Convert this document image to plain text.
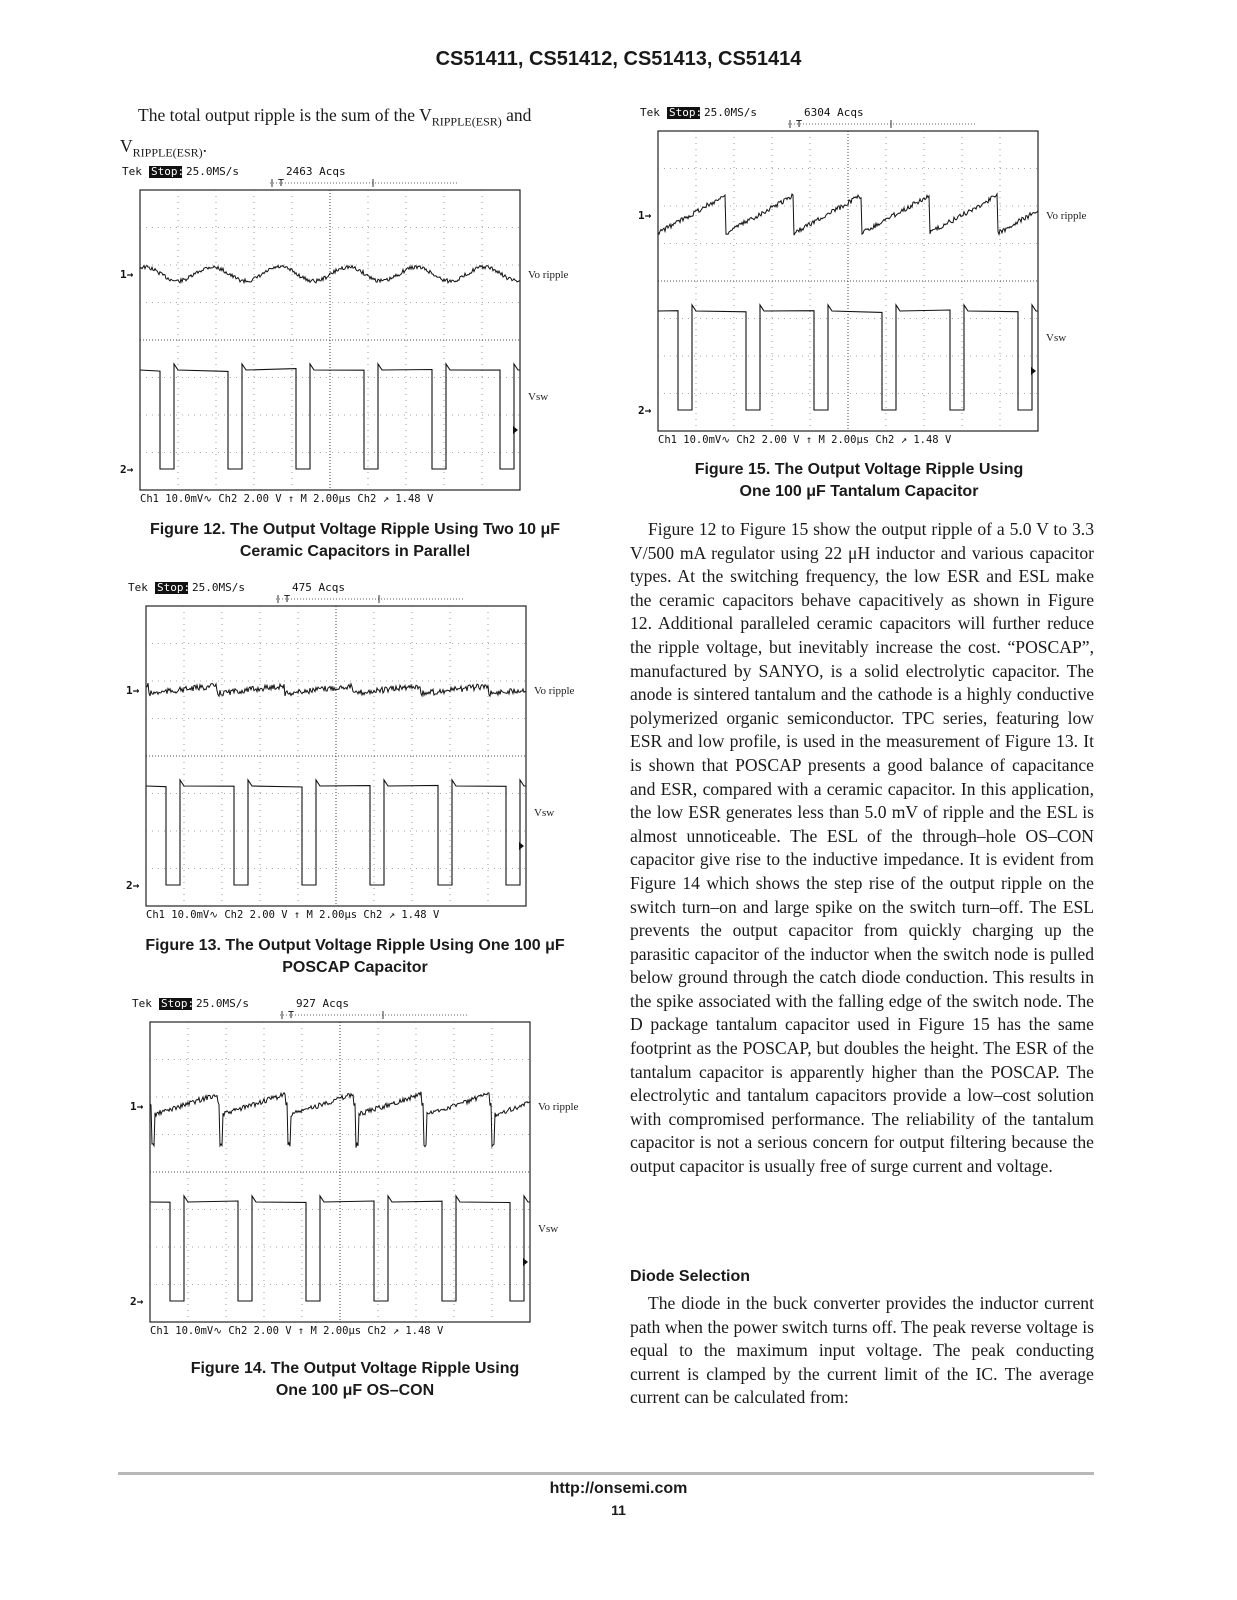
CS51411, CS51412, CS51413, CS51414
The total output ripple is the sum of the $V_{RIPPLE(ESR)}$ and $V_{RIPPLE(ESR)}$.
Tek Stop: 25.0MS/s	2463 Acqs
T
1→
2→
Vo ripple
Vsw
Ch1 10.0mV∿ Ch2 2.00 V ↑ M 2.00μs Ch2 ↗ 1.48 V
Figure 12. The Output Voltage Ripple Using Two 10 μF
Ceramic Capacitors in Parallel
Tek Stop: 25.0MS/s	475 Acqs
T
1→
2→
Vo ripple
Vsw
Ch1 10.0mV∿ Ch2 2.00 V ↑ M 2.00μs Ch2 ↗ 1.48 V
Figure 13. The Output Voltage Ripple Using One 100 μF
POSCAP Capacitor
Tek Stop: 25.0MS/s	927 Acqs
T
1→
2→
Vo ripple
Vsw
Ch1 10.0mV∿ Ch2 2.00 V ↑ M 2.00μs Ch2 ↗ 1.48 V
Figure 14. The Output Voltage Ripple Using
One 100 μF OS–CON
Tek Stop: 25.0MS/s	6304 Acqs
T
1→
2→
Vo ripple
Vsw
Ch1 10.0mV∿ Ch2 2.00 V ↑ M 2.00μs Ch2 ↗ 1.48 V
Figure 15. The Output Voltage Ripple Using
One 100 μF Tantalum Capacitor

Figure 12 to Figure 15 show the output ripple of a 5.0 V to 3.3 V/500 mA regulator using 22 μH inductor and various capacitor types. At the switching frequency, the low ESR and ESL make the ceramic capacitors behave capacitively as shown in Figure 12. Additional paralleled ceramic capacitors will further reduce the ripple voltage, but inevitably increase the cost. “POSCAP”, manufactured by SANYO, is a solid electrolytic capacitor. The anode is sintered tantalum and the cathode is a highly conductive polymerized organic semiconductor. TPC series, featuring low ESR and low profile, is used in the measurement of Figure 13. It is shown that POSCAP presents a good balance of capacitance and ESR, compared with a ceramic capacitor. In this application, the low ESR generates less than 5.0 mV of ripple and the ESL is almost unnoticeable. The ESL of the through–hole OS–CON capacitor give rise to the inductive impedance. It is evident from Figure 14 which shows the step rise of the output ripple on the switch turn–on and large spike on the switch turn–off. The ESL prevents the output capacitor from quickly charging up the parasitic capacitor of the inductor when the switch node is pulled below ground through the catch diode conduction. This results in the spike associated with the falling edge of the switch node. The D package tantalum capacitor used in Figure 15 has the same footprint as the POSCAP, but doubles the height. The ESR of the tantalum capacitor is apparently higher than the POSCAP. The electrolytic and tantalum capacitors provide a low–cost solution with compromised performance. The reliability of the tantalum capacitor is not a serious concern for output filtering because the output capacitor is usually free of surge current and voltage.

Diode Selection

The diode in the buck converter provides the inductor current path when the power switch turns off. The peak reverse voltage is equal to the maximum input voltage. The peak conducting current is clamped by the current limit of the IC. The average current can be calculated from:

http://onsemi.com
11
